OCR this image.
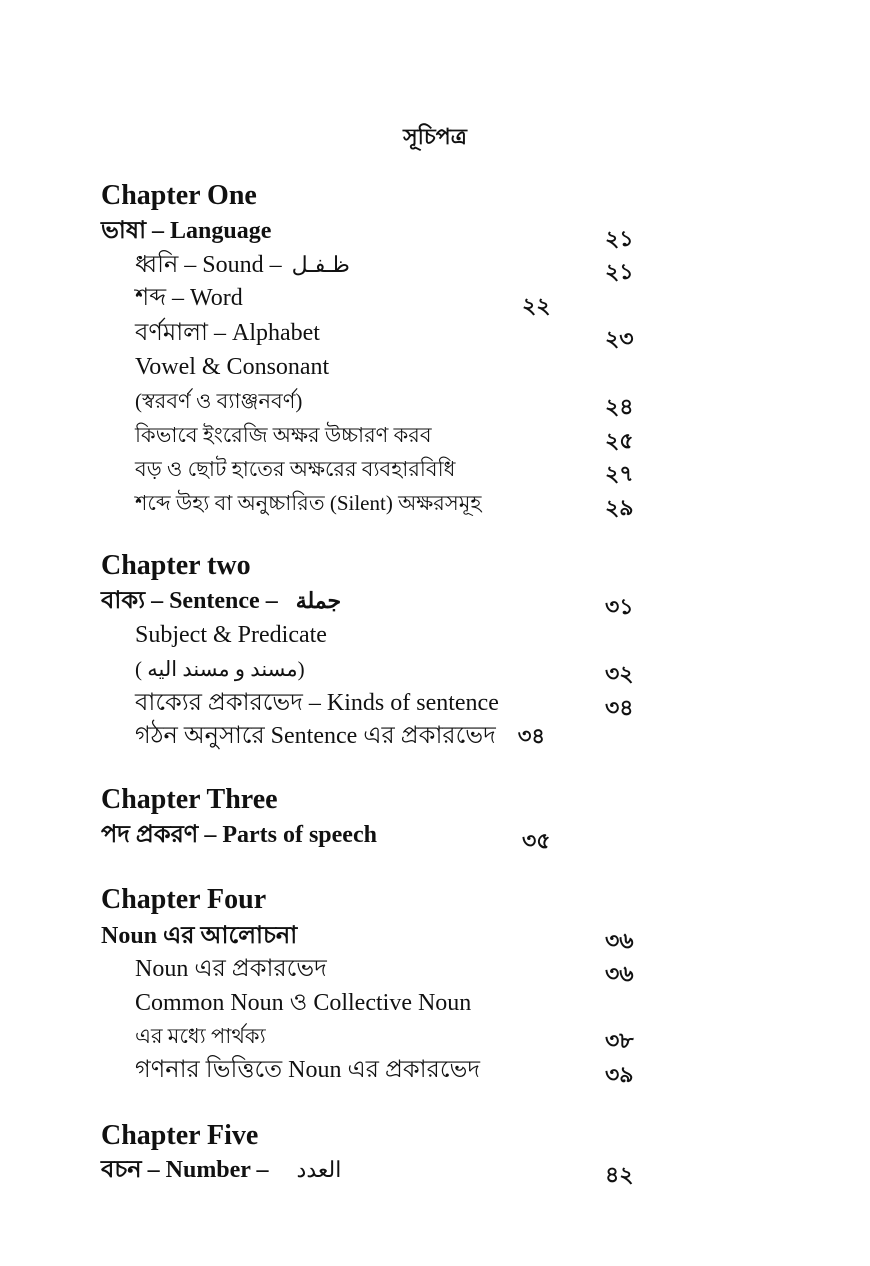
সূচিপত্র
Chapter One
ভাষা – Language	২১
ধ্বনি – Sound – ظـفـل	২১
শব্দ – Word	২২
বর্ণমালা – Alphabet	২৩
Vowel & Consonant
(স্বরবর্ণ ও ব্যাঞ্জনবর্ণ)	২৪
কিভাবে ইংরেজি অক্ষর উচ্চারণ করব	২৫
বড় ও ছোট হাতের অক্ষরের ব্যবহারবিধি	২৭
শব্দে উহ্য বা অনুচ্চারিত (Silent) অক্ষরসমূহ	২৯
Chapter two
বাক্য – Sentence – جملة	৩১
Subject & Predicate
( مسند و مسند اليه)	৩২
বাক্যের প্রকারভেদ – Kinds of sentence	৩৪
গঠন অনুসারে Sentence এর প্রকারভেদ ৩৪
Chapter Three
পদ প্রকরণ – Parts of speech	৩৫
Chapter Four
Noun এর আলোচনা	৩৬
Noun এর প্রকারভেদ	৩৬
Common Noun ও Collective Noun
এর মধ্যে পার্থক্য	৩৮
গণনার ভিত্তিতে Noun এর প্রকারভেদ	৩৯
Chapter Five
বচন – Number – العدد	৪২
